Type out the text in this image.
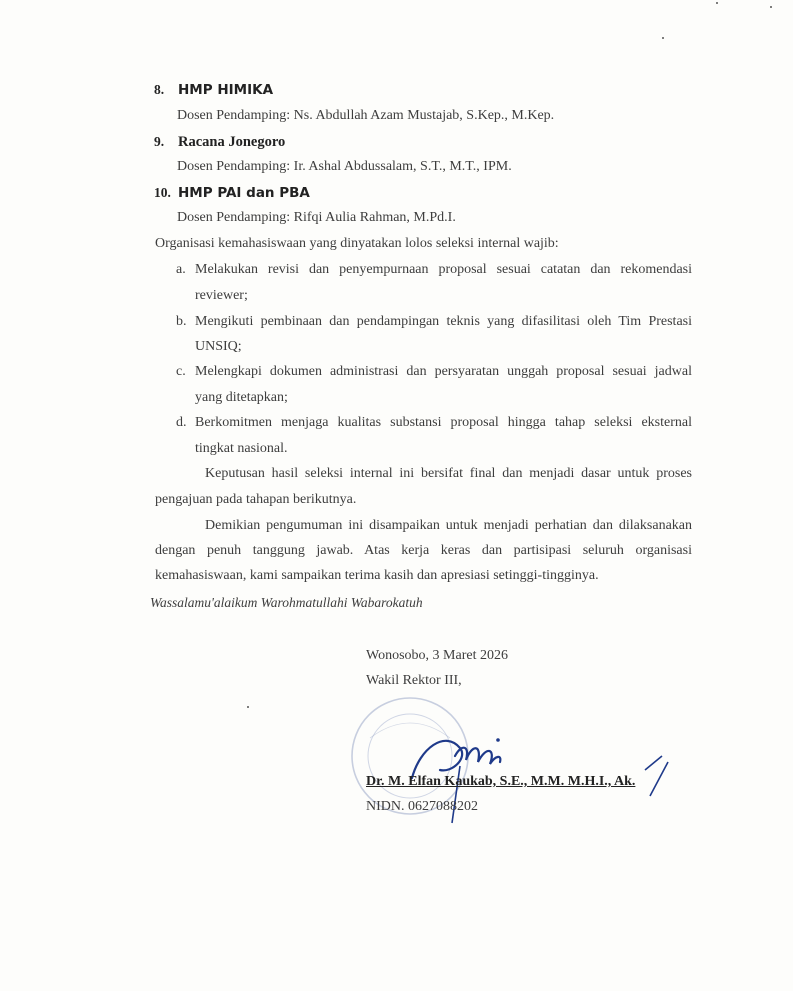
8. HMP HIMIKA
Dosen Pendamping: Ns. Abdullah Azam Mustajab, S.Kep., M.Kep.
9. Racana Jonegoro
Dosen Pendamping: Ir. Ashal Abdussalam, S.T., M.T., IPM.
10. HMP PAI dan PBA
Dosen Pendamping: Rifqi Aulia Rahman, M.Pd.I.
Organisasi kemahasiswaan yang dinyatakan lolos seleksi internal wajib:
a. Melakukan revisi dan penyempurnaan proposal sesuai catatan dan rekomendasi
reviewer;
b. Mengikuti pembinaan dan pendampingan teknis yang difasilitasi oleh Tim Prestasi
UNSIQ;
c. Melengkapi dokumen administrasi dan persyaratan unggah proposal sesuai jadwal
yang ditetapkan;
d. Berkomitmen menjaga kualitas substansi proposal hingga tahap seleksi eksternal
tingkat nasional.
Keputusan hasil seleksi internal ini bersifat final dan menjadi dasar untuk proses
pengajuan pada tahapan berikutnya.
Demikian pengumuman ini disampaikan untuk menjadi perhatian dan dilaksanakan
dengan penuh tanggung jawab. Atas kerja keras dan partisipasi seluruh organisasi
kemahasiswaan, kami sampaikan terima kasih dan apresiasi setinggi-tingginya.
Wassalamu'alaikum Warohmatullahi Wabarokatuh
Wonosobo, 3 Maret 2026
Wakil Rektor III,
Dr. M. Elfan Kaukab, S.E., M.M. M.H.I., Ak.
NIDN. 0627088202
